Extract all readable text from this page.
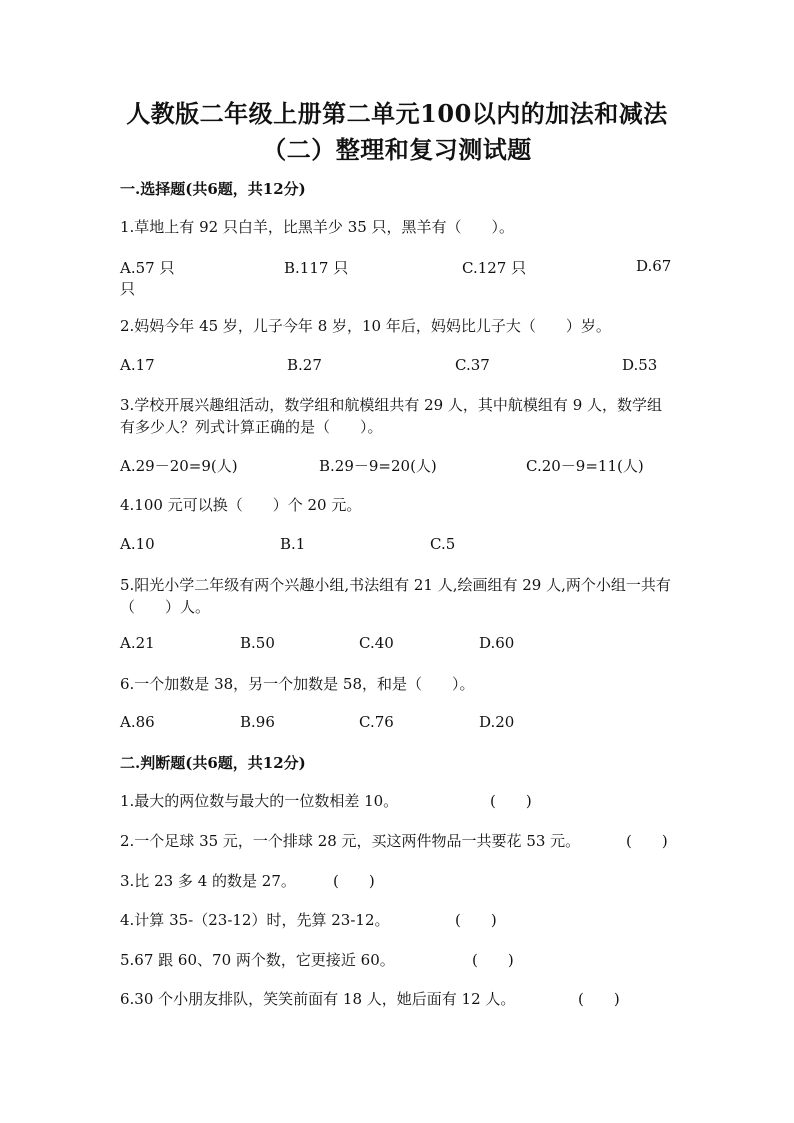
人教版二年级上册第二单元100以内的加法和减法
（二）整理和复习测试题
一.选择题(共6题，共12分)
1.草地上有 92 只白羊，比黑羊少 35 只，黑羊有（　　）。
A.57 只	B.117 只	C.127 只	D.67
只
2.妈妈今年 45 岁，儿子今年 8 岁，10 年后，妈妈比儿子大（　　）岁。
A.17	B.27	C.37	D.53
3.学校开展兴趣组活动，数学组和航模组共有 29 人，其中航模组有 9 人，数学组有多少人？列式计算正确的是（　　）。
A.29－20=9(人)	B.29－9=20(人)	C.20－9=11(人)
4.100 元可以换（　　）个 20 元。
A.10	B.1	C.5
5.阳光小学二年级有两个兴趣小组,书法组有 21 人,绘画组有 29 人,两个小组一共有（　　）人。
A.21	B.50	C.40	D.60
6.一个加数是 38，另一个加数是 58，和是（　　）。
A.86	B.96	C.76	D.20
二.判断题(共6题，共12分)
1.最大的两位数与最大的一位数相差 10。	(　　)
2.一个足球 35 元，一个排球 28 元，买这两件物品一共要花 53 元。	(　　)
3.比 23 多 4 的数是 27。	(　　)
4.计算 35-（23-12）时，先算 23-12。	(　　)
5.67 跟 60、70 两个数，它更接近 60。	(　　)
6.30 个小朋友排队，笑笑前面有 18 人，她后面有 12 人。	(　　)
